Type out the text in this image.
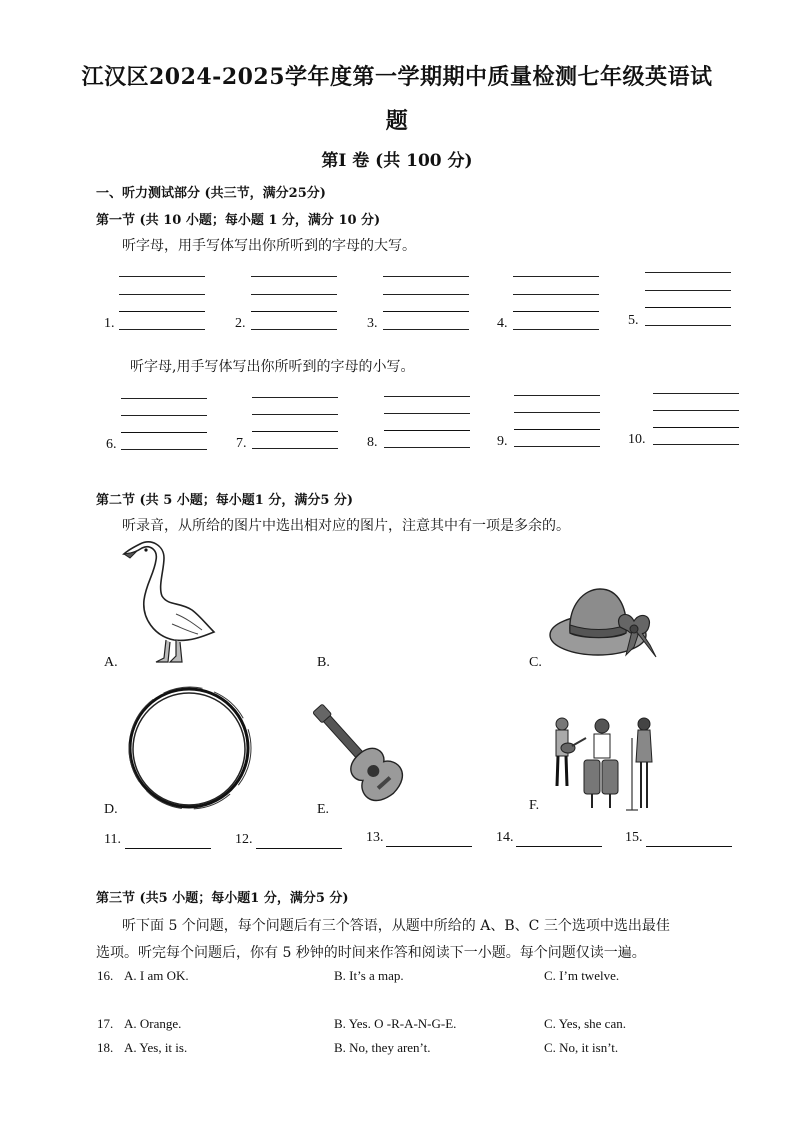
江汉区2024-2025学年度第一学期期中质量检测七年级英语试
题
第I 卷 (共 100 分)
一、听力测试部分 (共三节，满分25分)
第一节 (共 10 小题；每小题 1 分，满分 10 分)
听字母，用手写体写出你所听到的字母的大写。
1.	2.	3.	4.	5.
听字母,用手写体写出你所听到的字母的小写。
6.	7.	8.	9.	10.
第二节 (共 5 小题；每小题1 分，满分5 分)
听录音，从所给的图片中选出相对应的图片，注意其中有一项是多余的。
A.	B.	C.
D.	E.	F.
11.	12.	13.	14.	15.
第三节 (共5 小题；每小题1 分，满分5 分)
听下面 5 个问题，每个问题后有三个答语，从题中所给的 A、B、C 三个选项中选出最佳
选项。听完每个问题后，你有 5 秒钟的时间来作答和阅读下一小题。每个问题仅读一遍。
16. A. I am OK.	B. It’s a map.	C. I’m twelve.
17. A. Orange.	B. Yes. O -R-A-N-G-E.	C. Yes, she can.
18. A. Yes, it is.	B. No, they aren’t.	C. No, it isn’t.
